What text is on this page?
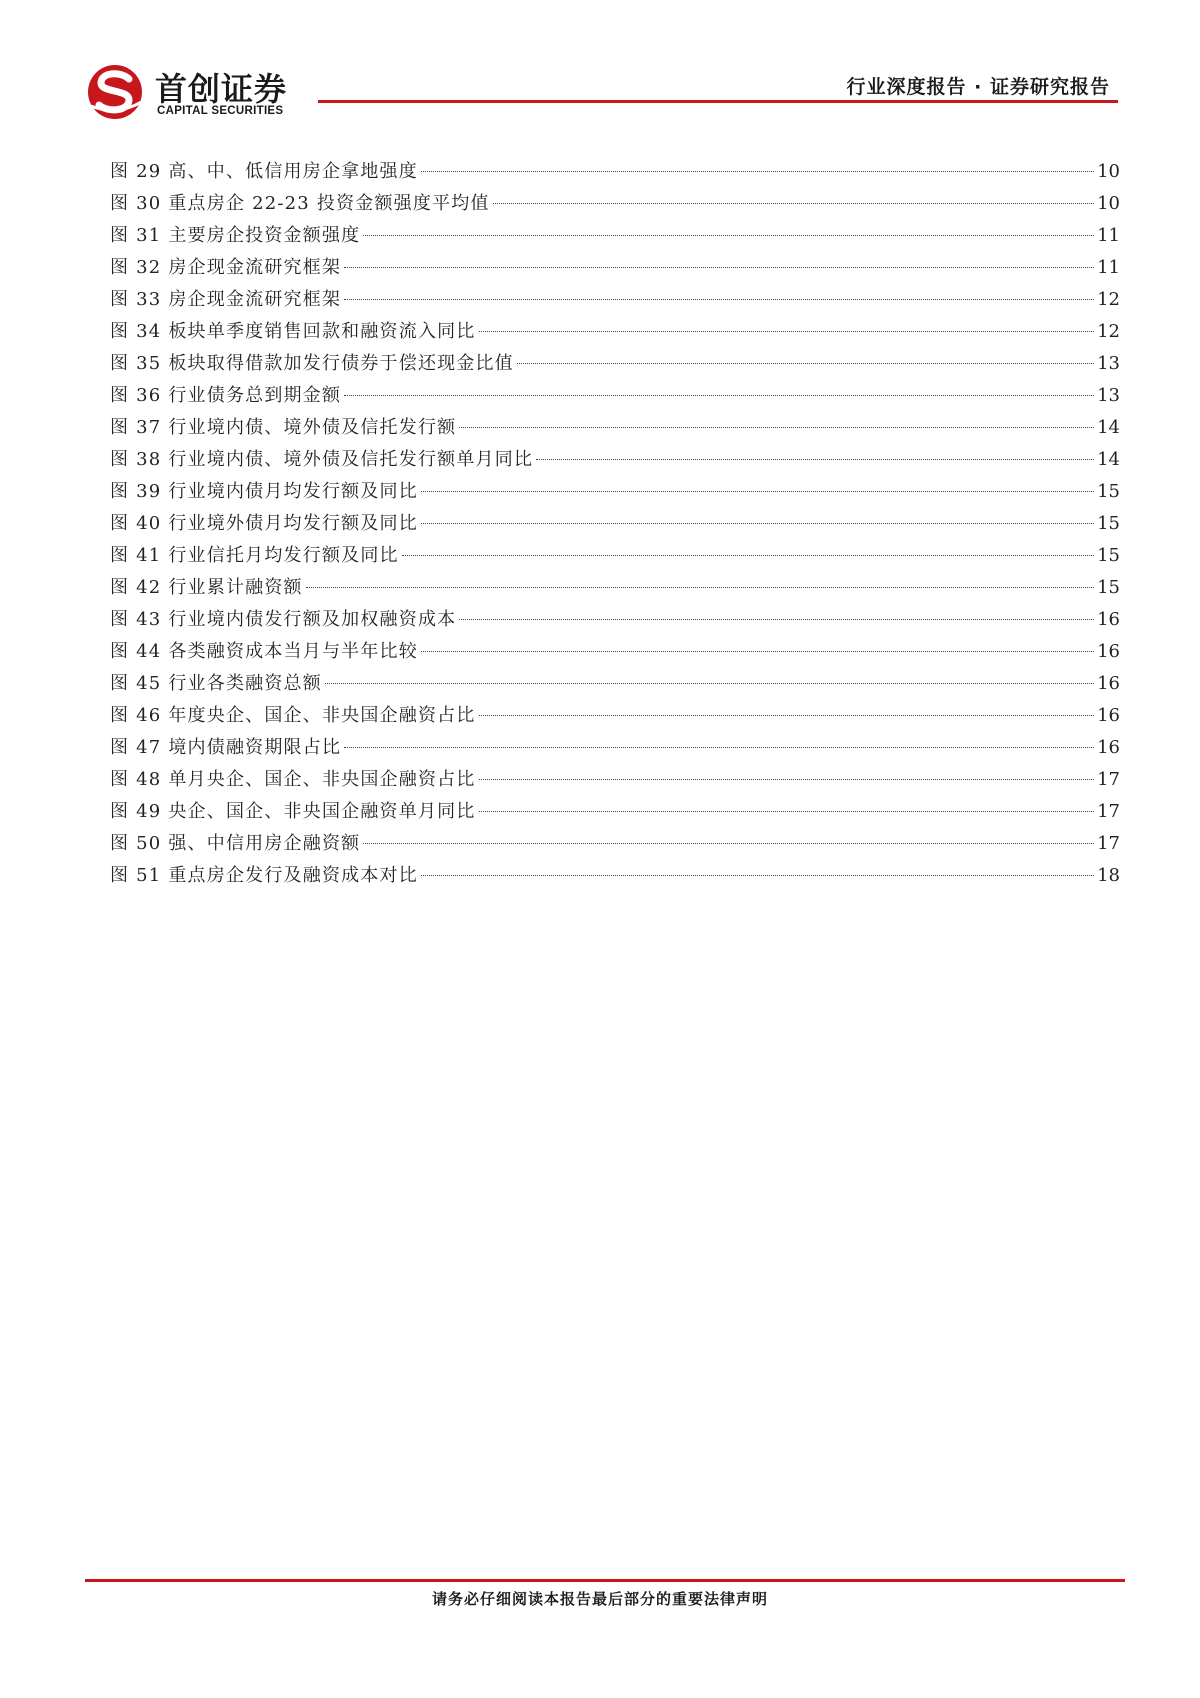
首创证券
CAPITAL SECURITIES
行业深度报告 · 证券研究报告
图 29 高、中、低信用房企拿地强度	10
图 30 重点房企 22-23 投资金额强度平均值	10
图 31 主要房企投资金额强度	11
图 32 房企现金流研究框架	11
图 33 房企现金流研究框架	12
图 34 板块单季度销售回款和融资流入同比	12
图 35 板块取得借款加发行债券于偿还现金比值	13
图 36 行业债务总到期金额	13
图 37 行业境内债、境外债及信托发行额	14
图 38 行业境内债、境外债及信托发行额单月同比	14
图 39 行业境内债月均发行额及同比	15
图 40 行业境外债月均发行额及同比	15
图 41 行业信托月均发行额及同比	15
图 42 行业累计融资额	15
图 43 行业境内债发行额及加权融资成本	16
图 44 各类融资成本当月与半年比较	16
图 45 行业各类融资总额	16
图 46 年度央企、国企、非央国企融资占比	16
图 47 境内债融资期限占比	16
图 48 单月央企、国企、非央国企融资占比	17
图 49 央企、国企、非央国企融资单月同比	17
图 50 强、中信用房企融资额	17
图 51 重点房企发行及融资成本对比	18
请务必仔细阅读本报告最后部分的重要法律声明
